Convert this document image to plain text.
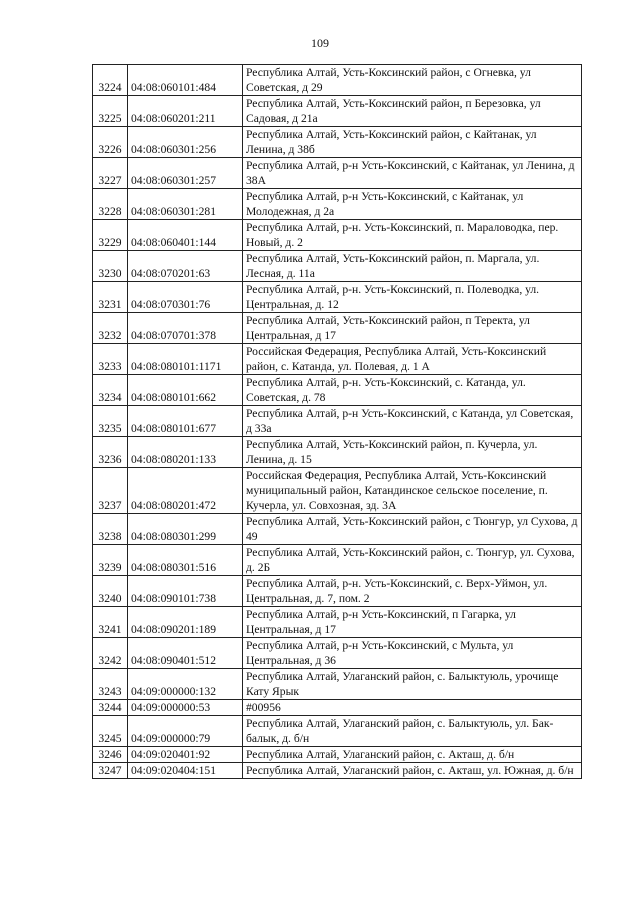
109
3224	04:08:060101:484	Республика Алтай, Усть-Коксинский район, с Огневка, ул Советская, д 29
3225	04:08:060201:211	Республика Алтай, Усть-Коксинский район, п Березовка, ул Садовая, д 21а
3226	04:08:060301:256	Республика Алтай, Усть-Коксинский район, с Кайтанак, ул Ленина, д 38б
3227	04:08:060301:257	Республика Алтай, р-н Усть-Коксинский, с Кайтанак, ул Ленина, д 38А
3228	04:08:060301:281	Республика Алтай, р-н Усть-Коксинский, с Кайтанак, ул Молодежная, д 2а
3229	04:08:060401:144	Республика Алтай, р-н. Усть-Коксинский, п. Мараловодка, пер. Новый, д. 2
3230	04:08:070201:63	Республика Алтай, Усть-Коксинский район, п. Маргала, ул. Лесная, д. 11а
3231	04:08:070301:76	Республика Алтай, р-н. Усть-Коксинский, п. Полеводка, ул. Центральная, д. 12
3232	04:08:070701:378	Республика Алтай, Усть-Коксинский район, п Теректа, ул Центральная, д 17
3233	04:08:080101:1171	Российская Федерация, Республика Алтай, Усть-Коксинский район, с. Катанда, ул. Полевая, д. 1 А
3234	04:08:080101:662	Республика Алтай, р-н. Усть-Коксинский, с. Катанда, ул. Советская, д. 78
3235	04:08:080101:677	Республика Алтай, р-н Усть-Коксинский, с Катанда, ул Советская, д 33а
3236	04:08:080201:133	Республика Алтай, Усть-Коксинский район, п. Кучерла, ул. Ленина, д. 15
3237	04:08:080201:472	Российская Федерация, Республика Алтай, Усть-Коксинский муниципальный район, Катандинское сельское поселение, п. Кучерла, ул. Совхозная, зд. 3А
3238	04:08:080301:299	Республика Алтай, Усть-Коксинский район, с Тюнгур, ул Сухова, д 49
3239	04:08:080301:516	Республика Алтай, Усть-Коксинский район, с. Тюнгур, ул. Сухова, д. 2Б
3240	04:08:090101:738	Республика Алтай, р-н. Усть-Коксинский, с. Верх-Уймон, ул. Центральная, д. 7, пом. 2
3241	04:08:090201:189	Республика Алтай, р-н Усть-Коксинский, п Гагарка, ул Центральная, д 17
3242	04:08:090401:512	Республика Алтай, р-н Усть-Коксинский, с Мульта, ул Центральная, д 36
3243	04:09:000000:132	Республика Алтай, Улаганский район, с. Балыктуюль, урочище Кату Ярык
3244	04:09:000000:53	#00956
3245	04:09:000000:79	Республика Алтай, Улаганский район, с. Балыктуюль, ул. Бак-балык, д. б/н
3246	04:09:020401:92	Республика Алтай, Улаганский район, с. Акташ, д. б/н
3247	04:09:020404:151	Республика Алтай, Улаганский район, с. Акташ, ул. Южная, д. б/н
